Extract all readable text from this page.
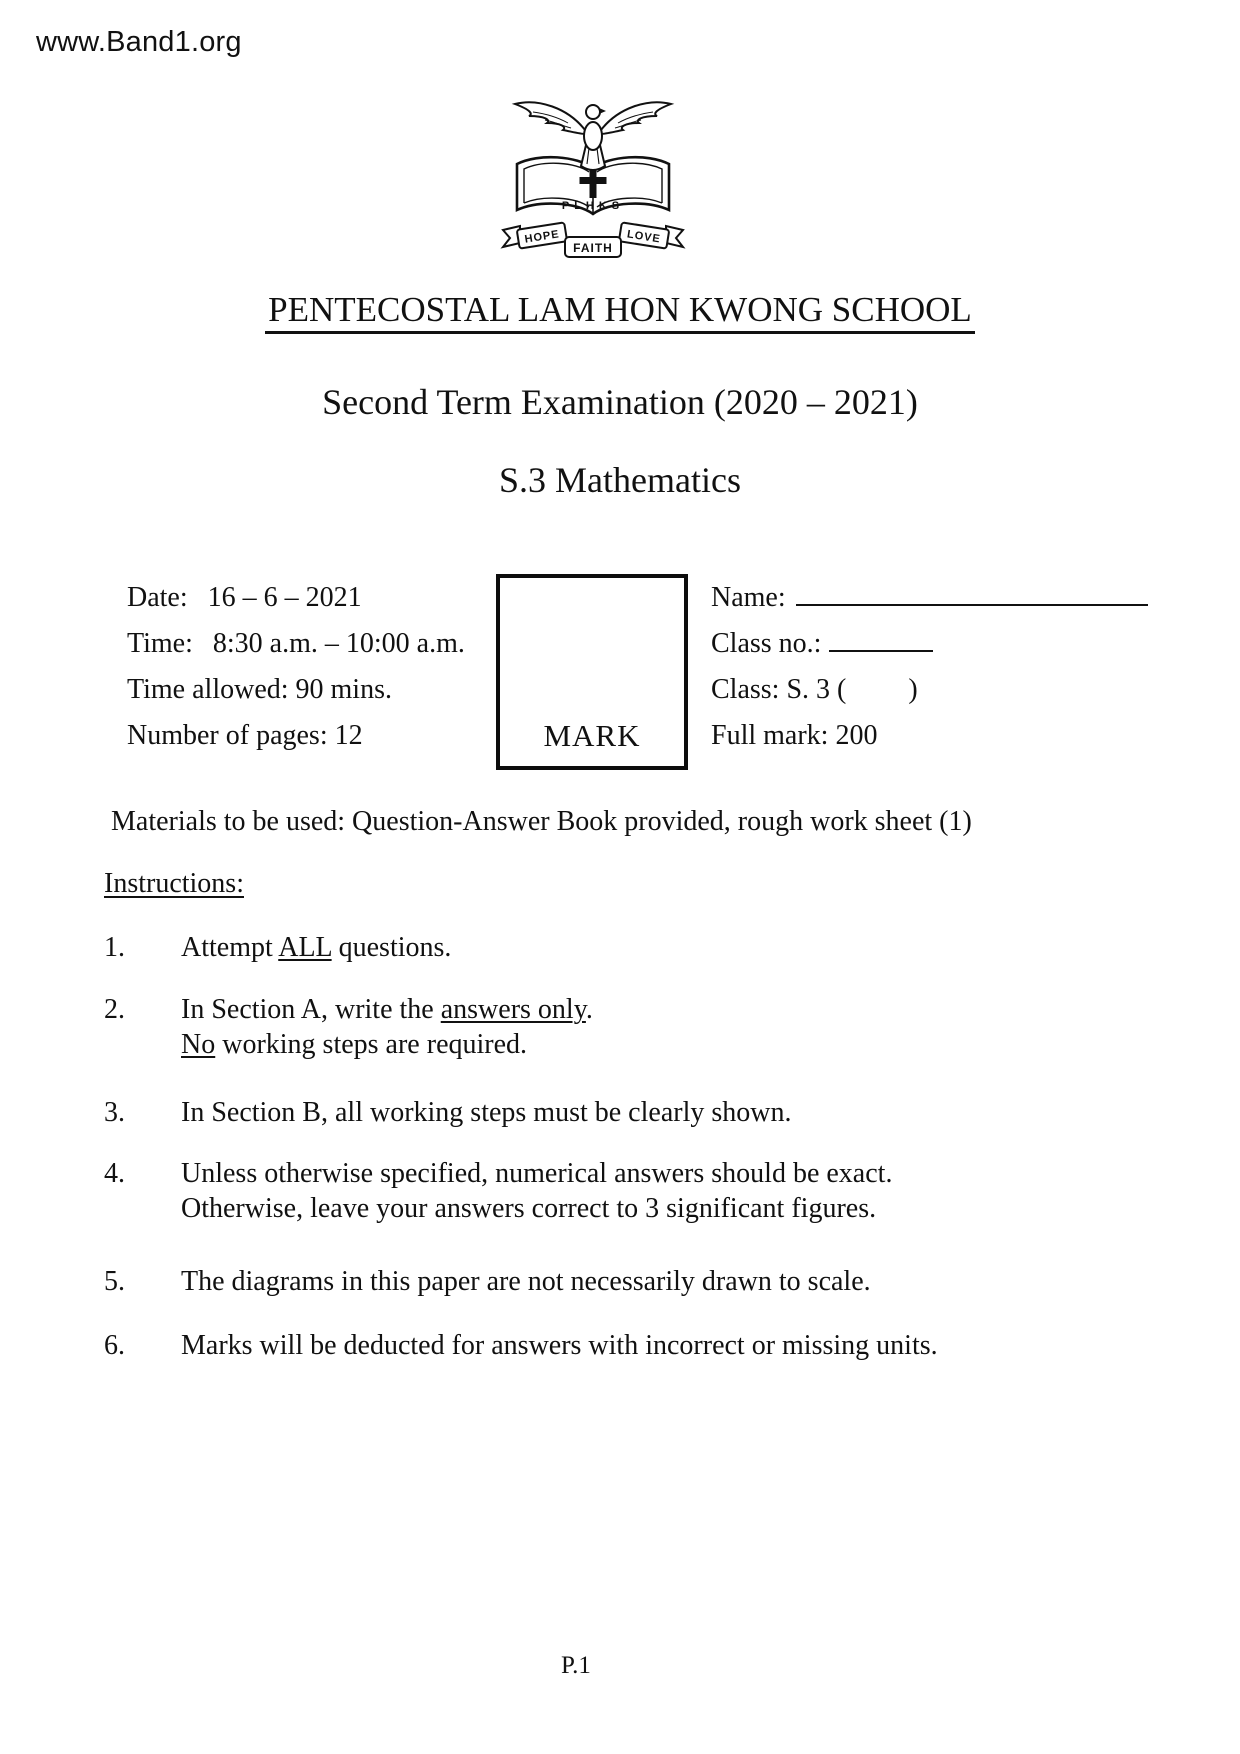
www.Band1.org
PLHKS
HOPE	LOVE
FAITH
PENTECOSTAL LAM HON KWONG SCHOOL
Second Term Examination (2020 – 2021)
S.3 Mathematics
Date: 16 – 6 – 2021
Time: 8:30 a.m. – 10:00 a.m.
Time allowed: 90 mins.
Number of pages: 12	MARK
Name:
Class no.:
Class: S. 3 ( )
Full mark: 200
Materials to be used: Question-Answer Book provided, rough work sheet (1)
Instructions:
1.	Attempt ALL questions.
2.	In Section A, write the answers only.
No working steps are required.
3.	In Section B, all working steps must be clearly shown.
4.	Unless otherwise specified, numerical answers should be exact.
Otherwise, leave your answers correct to 3 significant figures.
5.	The diagrams in this paper are not necessarily drawn to scale.
6.	Marks will be deducted for answers with incorrect or missing units.
P.1
